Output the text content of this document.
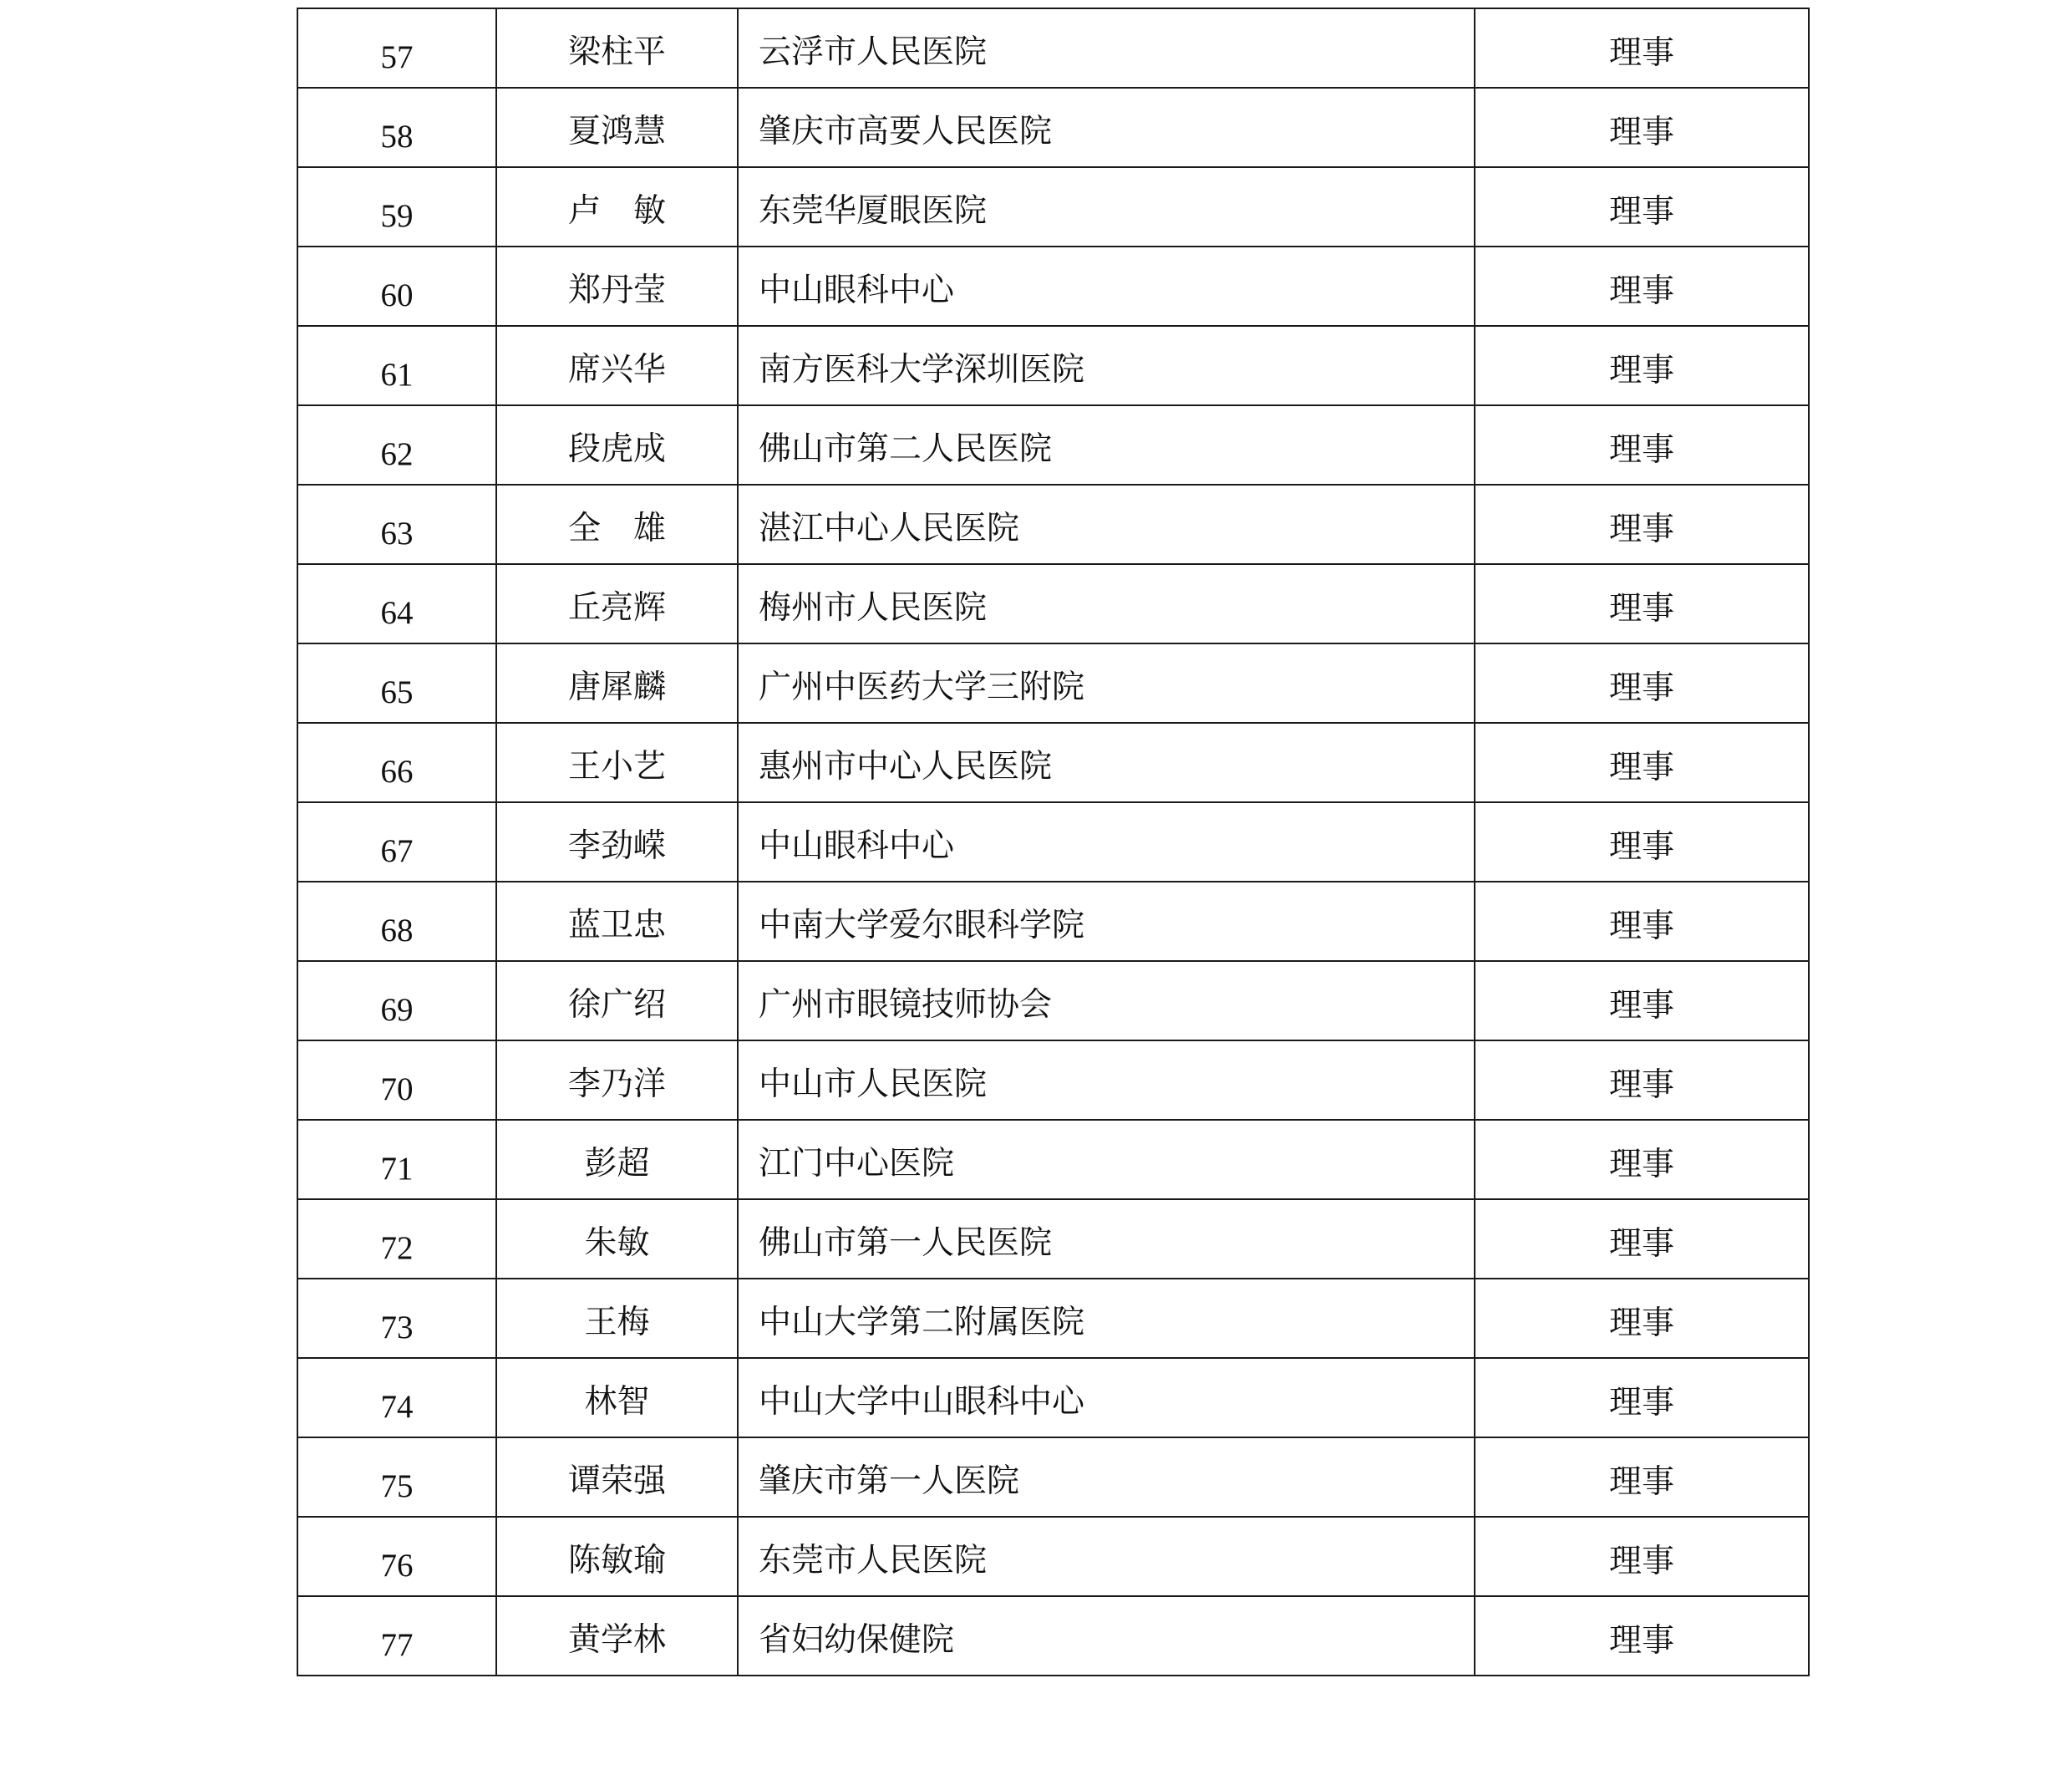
57	梁柱平	云浮市人民医院	理事
58	夏鸿慧	肇庆市高要人民医院	理事
59	卢　敏	东莞华厦眼医院	理事
60	郑丹莹	中山眼科中心	理事
61	席兴华	南方医科大学深圳医院	理事
62	段虎成	佛山市第二人民医院	理事
63	全　雄	湛江中心人民医院	理事
64	丘亮辉	梅州市人民医院	理事
65	唐犀麟	广州中医药大学三附院	理事
66	王小艺	惠州市中心人民医院	理事
67	李劲嵘	中山眼科中心	理事
68	蓝卫忠	中南大学爱尔眼科学院	理事
69	徐广绍	广州市眼镜技师协会	理事
70	李乃洋	中山市人民医院	理事
71	彭超	江门中心医院	理事
72	朱敏	佛山市第一人民医院	理事
73	王梅	中山大学第二附属医院	理事
74	林智	中山大学中山眼科中心	理事
75	谭荣强	肇庆市第一人医院	理事
76	陈敏瑜	东莞市人民医院	理事
77	黄学林	省妇幼保健院	理事
